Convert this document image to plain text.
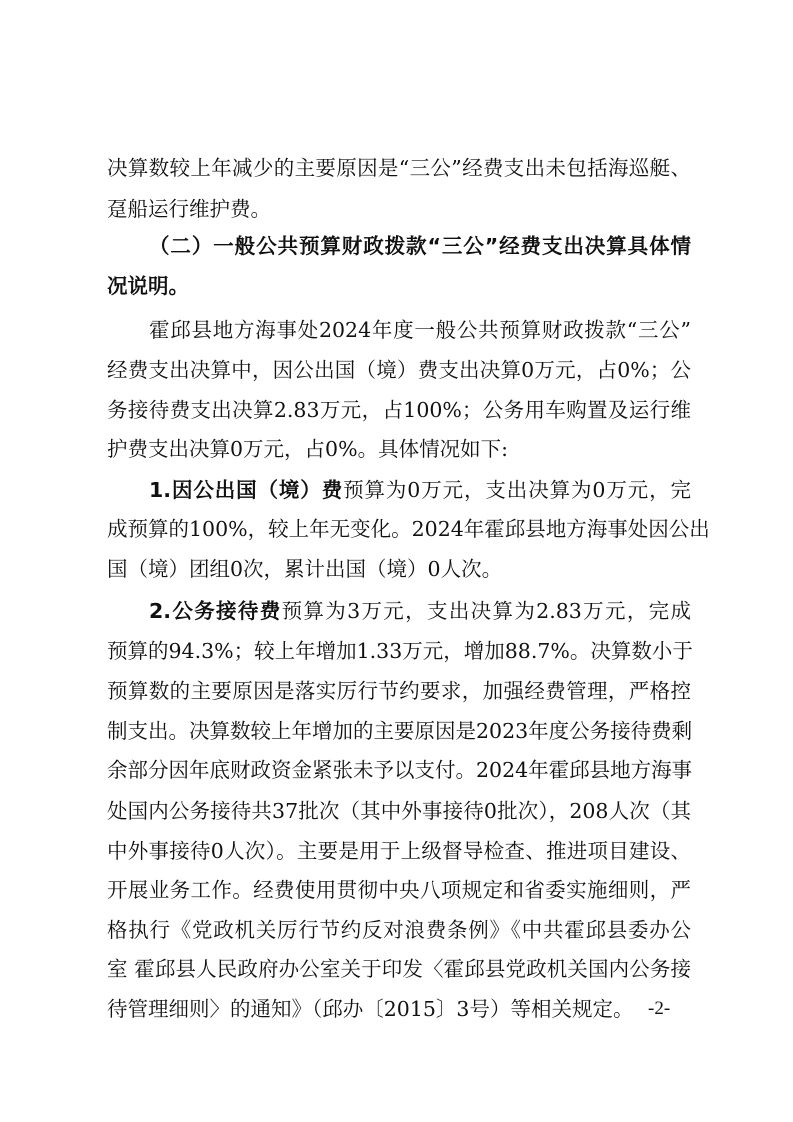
决算数较上年减少的主要原因是“三公”经费支出未包括海巡艇、
趸船运行维护费。
（二）一般公共预算财政拨款“三公”经费支出决算具体情
况说明。
霍邱县地方海事处2024年度一般公共预算财政拨款“三公”
经费支出决算中，因公出国（境）费支出决算0万元，占0%；公
务接待费支出决算2.83万元，占100%；公务用车购置及运行维
护费支出决算0万元，占0%。具体情况如下:
1.因公出国（境）费预算为0万元，支出决算为0万元，完
成预算的100%，较上年无变化。2024年霍邱县地方海事处因公出
国（境）团组0次，累计出国（境）0人次。
2.公务接待费预算为3万元，支出决算为2.83万元，完成
预算的94.3%；较上年增加1.33万元，增加88.7%。决算数小于
预算数的主要原因是落实厉行节约要求，加强经费管理，严格控
制支出。决算数较上年增加的主要原因是2023年度公务接待费剩
余部分因年底财政资金紧张未予以支付。2024年霍邱县地方海事
处国内公务接待共37批次（其中外事接待0批次），208人次（其
中外事接待0人次）。主要是用于上级督导检查、推进项目建设、
开展业务工作。经费使用贯彻中央八项规定和省委实施细则，严
格执行《党政机关厉行节约反对浪费条例》《中共霍邱县委办公
室 霍邱县人民政府办公室关于印发〈霍邱县党政机关国内公务接
待管理细则〉的通知》（邱办〔2015〕3号）等相关规定。 -2-
